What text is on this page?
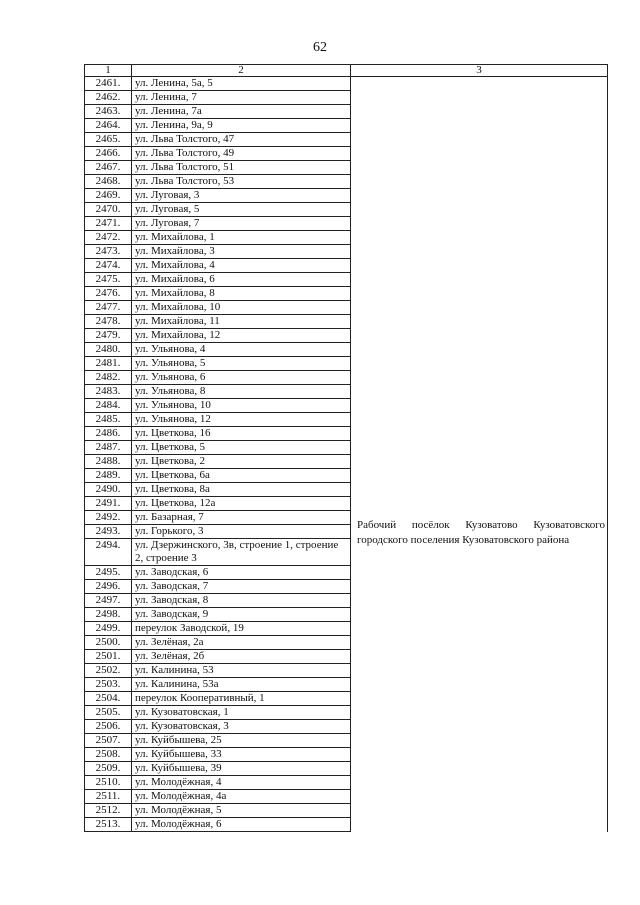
62
1	2	3
2461.	ул. Ленина, 5а, 5	
2462.	ул. Ленина, 7	
2463.	ул. Ленина, 7а	
2464.	ул. Ленина, 9а, 9	
2465.	ул. Льва Толстого, 47	
2466.	ул. Льва Толстого, 49	
2467.	ул. Льва Толстого, 51	
2468.	ул. Льва Толстого, 53	
2469.	ул. Луговая, 3	
2470.	ул. Луговая, 5	
2471.	ул. Луговая, 7	
2472.	ул. Михайлова, 1	
2473.	ул. Михайлова, 3	
2474.	ул. Михайлова, 4	
2475.	ул. Михайлова, 6	
2476.	ул. Михайлова, 8	
2477.	ул. Михайлова, 10	
2478.	ул. Михайлова, 11	
2479.	ул. Михайлова, 12	
2480.	ул. Ульянова, 4	
2481.	ул. Ульянова, 5	
2482.	ул. Ульянова, 6	
2483.	ул. Ульянова, 8	
2484.	ул. Ульянова, 10	
2485.	ул. Ульянова, 12	
2486.	ул. Цветкова, 16	
2487.	ул. Цветкова, 5	
2488.	ул. Цветкова, 2	
2489.	ул. Цветкова, 6а	
2490.	ул. Цветкова, 8а	
2491.	ул. Цветкова, 12а	
2492.	ул. Базарная, 7	
2493.	ул. Горького, 3	
2494.	ул. Дзержинского, 3в, строение 1, строение 2, строение 3	
2495.	ул. Заводская, 6	
2496.	ул. Заводская, 7	
2497.	ул. Заводская, 8	
2498.	ул. Заводская, 9	
2499.	переулок Заводской, 19	
2500.	ул. Зелёная, 2а	
2501.	ул. Зелёная, 2б	
2502.	ул. Калинина, 53	
2503.	ул. Калинина, 53а	
2504.	переулок Кооперативный, 1	
2505.	ул. Кузоватовская, 1	
2506.	ул. Кузоватовская, 3	
2507.	ул. Куйбышева, 25	
2508.	ул. Куйбышева, 33	
2509.	ул. Куйбышева, 39	
2510.	ул. Молодёжная, 4	
2511.	ул. Молодёжная, 4а	
2512.	ул. Молодёжная, 5	
2513.	ул. Молодёжная, 6	
Рабочий посёлок Кузоватово Кузоватовского городского поселения Кузоватовского района
